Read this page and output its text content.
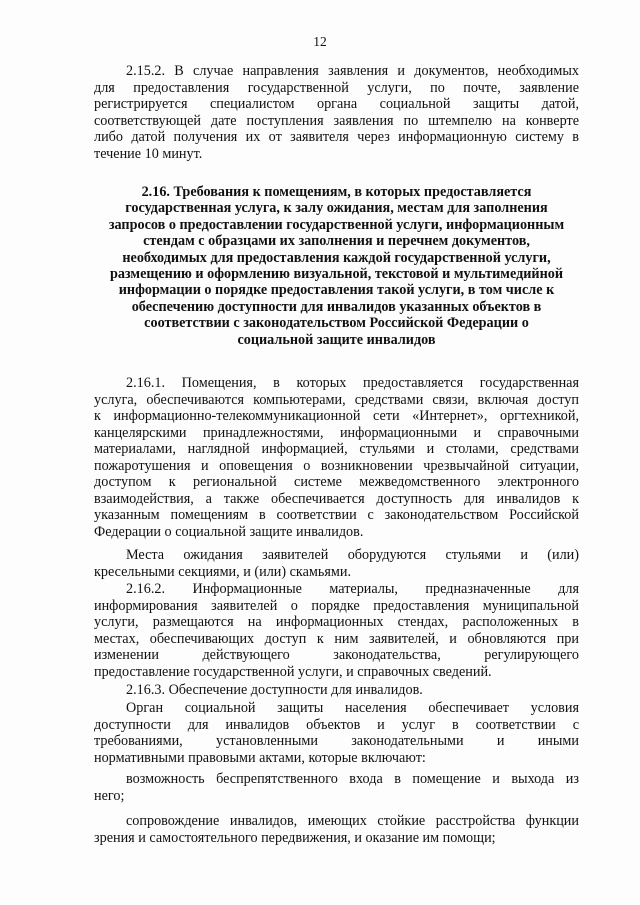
12
2.15.2. В случае направления заявления и документов, необходимых
для предоставления государственной услуги, по почте, заявление
регистрируется специалистом органа социальной защиты датой,
соответствующей дате поступления заявления по штемпелю на конверте
либо датой получения их от заявителя через информационную систему в
течение 10 минут.
2.16. Требования к помещениям, в которых предоставляется
государственная услуга, к залу ожидания, местам для заполнения
запросов о предоставлении государственной услуги, информационным
стендам с образцами их заполнения и перечнем документов,
необходимых для предоставления каждой государственной услуги,
размещению и оформлению визуальной, текстовой и мультимедийной
информации о порядке предоставления такой услуги, в том числе к
обеспечению доступности для инвалидов указанных объектов в
соответствии с законодательством Российской Федерации о
социальной защите инвалидов
2.16.1. Помещения, в которых предоставляется государственная
услуга, обеспечиваются компьютерами, средствами связи, включая доступ
к информационно-телекоммуникационной сети «Интернет», оргтехникой,
канцелярскими принадлежностями, информационными и справочными
материалами, наглядной информацией, стульями и столами, средствами
пожаротушения и оповещения о возникновении чрезвычайной ситуации,
доступом к региональной системе межведомственного электронного
взаимодействия, а также обеспечивается доступность для инвалидов к
указанным помещениям в соответствии с законодательством Российской
Федерации о социальной защите инвалидов.
Места ожидания заявителей оборудуются стульями и (или)
кресельными секциями, и (или) скамьями.
2.16.2. Информационные материалы, предназначенные для
информирования заявителей о порядке предоставления муниципальной
услуги, размещаются на информационных стендах, расположенных в
местах, обеспечивающих доступ к ним заявителей, и обновляются при
изменении действующего законодательства, регулирующего
предоставление государственной услуги, и справочных сведений.
2.16.3. Обеспечение доступности для инвалидов.
Орган социальной защиты населения обеспечивает условия
доступности для инвалидов объектов и услуг в соответствии с
требованиями, установленными законодательными и иными
нормативными правовыми актами, которые включают:
возможность беспрепятственного входа в помещение и выхода из
него;
сопровождение инвалидов, имеющих стойкие расстройства функции
зрения и самостоятельного передвижения, и оказание им помощи;
